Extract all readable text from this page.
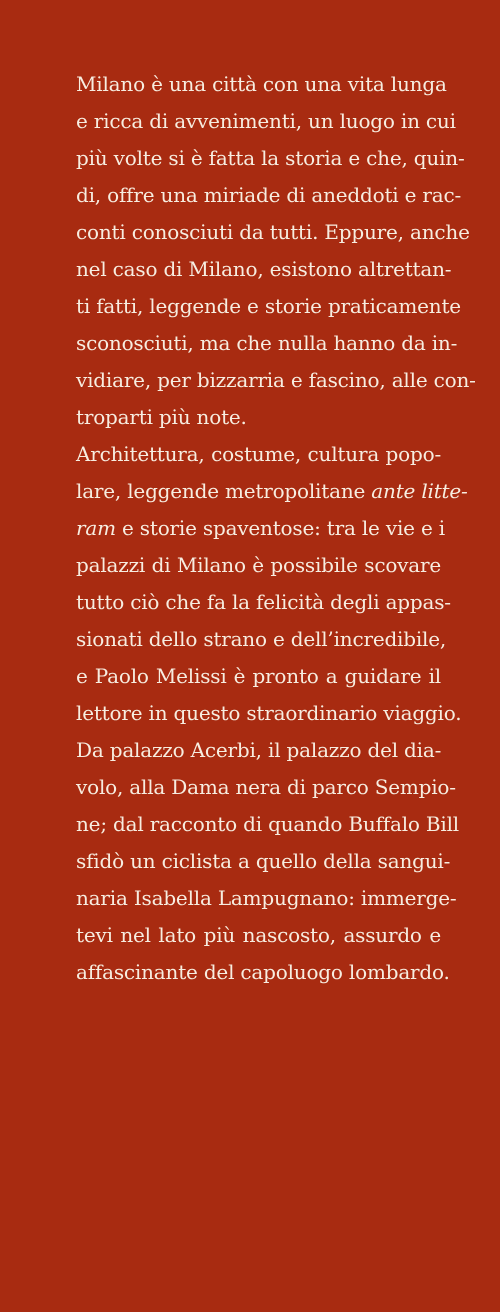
Milano è una città con una vita lunga
e ricca di avvenimenti, un luogo in cui
più volte si è fatta la storia e che, quin-
di, offre una miriade di aneddoti e rac-
conti conosciuti da tutti. Eppure, anche
nel caso di Milano, esistono altrettan-
ti fatti, leggende e storie praticamente
sconosciuti, ma che nulla hanno da in-
vidiare, per bizzarria e fascino, alle con-
troparti più note.
Architettura, costume, cultura popo-
lare, leggende metropolitane ante litte-
ram e storie spaventose: tra le vie e i
palazzi di Milano è possibile scovare
tutto ciò che fa la felicità degli appas-
sionati dello strano e dell’incredibile,
e Paolo Melissi è pronto a guidare il
lettore in questo straordinario viaggio.
Da palazzo Acerbi, il palazzo del dia-
volo, alla Dama nera di parco Sempio-
ne; dal racconto di quando Buffalo Bill
sfidò un ciclista a quello della sangui-
naria Isabella Lampugnano: immerge-
tevi nel lato più nascosto, assurdo e
affascinante del capoluogo lombardo.
